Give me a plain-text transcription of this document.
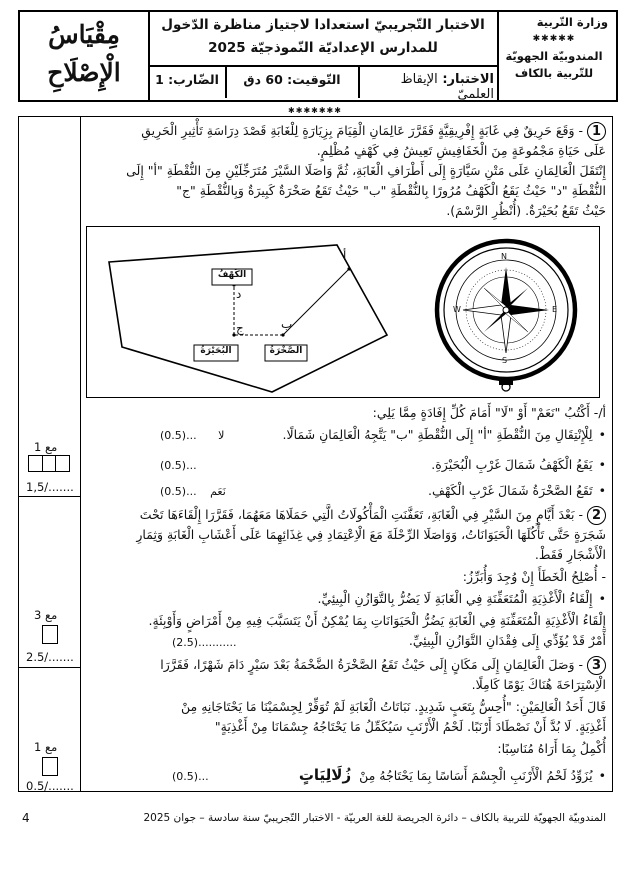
وزارة التّربية
✱✱✱✱✱
المندوبيّة الجهويّة
للتّربية بالكاف
الاختبار التّجريبيّ استعدادا لاجتياز مناظرة الدّخول
للمدارس الإعداديّة النّموذجيّة 2025
مِقْيَاسُ
الْإِصْلَاحِ	الاختبار: الإيقاظ العلميّ
التّوقيت: 60 دق
الضّارب: 1
✱✱✱✱✱✱✱
1- وَقَعَ حَرِيقٌ فِي غَابَةٍ إِفْرِيقِيَّةٍ فَقَرَّرَ عَالِمَانِ الْقِيَامَ بِزِيَارَةٍ لِلْغَابَةِ قَصْدَ دِرَاسَةِ تَأْثِيرِ الْحَرِيقِ
عَلَى حَيَاةِ مَجْمُوعَةٍ مِنَ الْخَفَافِيشِ تَعِيشُ فِي كَهْفٍ مُظْلِمٍ.
إِنْتَقَلَ الْعَالِمَانِ عَلَى مَتْنِ سَيَّارَةٍ إِلَى أَطْرَافِ الْغَابَةِ، ثُمَّ وَاصَلَا السَّيْرَ مُتَرَجِّلَيْنِ مِنَ النُّقْطَةِ "أ" إِلَى
النُّقْطَةِ "د" حَيْثُ يَقَعُ الْكَهْفُ مُرُورًا بِالنُّقْطَةِ "ب" حَيْثُ تَقَعُ صَخْرَةٌ كَبِيرَةٌ وَبِالنُّقْطَةِ "ج"
حَيْثُ تَقَعُ بُحَيْرَةٌ. (أُنْظُرِ الرَّسْمَ).
الكَهْفُ
البُحَيْرَةُ	الصَّخْرَةُ
أ
ب
ج
د
N
E
S
W
أ/- أَكْتُبُ "نَعَمْ" أَوْ "لَا" أَمَامَ كُلِّ إِفَادَةٍ مِمَّا يَلِي:
• لِلْإِنْتِقَالِ مِنَ النُّقْطَةِ "أ" إِلَى النُّقْطَةِ "ب" يَتَّجِهُ الْعَالِمَانِ شَمَالًا.
(0.5)... لا
• يَقَعُ الْكَهْفُ شَمَالَ غَرْبِ الْبُحَيْرَةِ.
(0.5)...
• تَقَعُ الصَّخْرَةُ شَمَالَ غَرْبِ الْكَهْفِ.
(0.5)... نَعَم
2- بَعْدَ أَيَّامٍ مِنَ السَّيْرِ فِي الْغَابَةِ، تَعَفَّنَتِ الْمَأْكُولَاتُ الَّتِي حَمَلَاهَا مَعَهُمَا، فَقَرَّرَا إِلْقَاءَهَا تَحْتَ
شَجَرَةٍ حَتَّى تَأْكُلَهَا الْحَيَوَانَاتُ، وَوَاصَلَا الرِّحْلَةَ مَعَ الْاِعْتِمَادِ فِي غِذَائِهِمَا عَلَى أَعْشَابِ الْغَابَةِ وَثِمَارِ
الْأَشْجَارِ فَقَطْ.
- أُصْلِحُ الْخَطَأَ إِنْ وُجِدَ وَأُبَرِّزُ:
• إِلْقَاءُ الْأَغْذِيَةِ الْمُتَعَفِّنَةِ فِي الْغَابَةِ لَا يَضُرُّ بِالتَّوَازُنِ الْبِيئِيِّ.
إِلْقَاءُ الْأَغْذِيَةِ الْمُتَعَفِّنَةِ فِي الْغَابَةِ يَضُرُّ الْحَيَوَانَاتِ بِمَا يُمْكِنُ أَنْ يَتَسَبَّبَ فِيهِ مِنْ أَمْرَاضٍ وَأَوْبِئَةٍ.
أَمْرٌ قَدْ يُؤَدِّي إِلَى فِقْدَانِ التَّوَازُنِ الْبِيئِيِّ.
(2.5)...........
3- وَصَلَ الْعَالِمَانِ إِلَى مَكَانٍ إِلَى حَيْثُ تَقَعُ الصَّخْرَةُ الضَّخْمَةُ بَعْدَ سَيْرٍ دَامَ شَهْرًا، فَقَرَّرَا
الْاِسْتِرَاحَةَ هُنَاكَ يَوْمًا كَامِلًا.
قَالَ أَحَدُ الْعَالِمَيْنِ: "أُحِسُّ بِتَعَبٍ شَدِيدٍ. نَبَاتَاتُ الْغَابَةِ لَمْ تُوَفِّرْ لِجِسْمَيْنَا مَا يَحْتَاجَانِهِ مِنْ
أَغْذِيَةٍ. لَا بُدَّ أَنْ نَصْطَادَ أَرْنَبًا. لَحْمُ الْأَرْنَبِ سَيُكَمِّلُ مَا يَحْتَاجُهُ جِسْمَانَا مِنْ أَغْذِيَةٍ"
أُكْمِلُ بِمَا أَرَاهُ مُنَاسِبًا:
• يُزَوِّدُ لَحْمُ الْأَرْنَبِ الْجِسْمَ أَسَاسًا بِمَا يَحْتَاجُهُ مِنْ زُلَالِيَاتٍ
(0.5)...
مع 1
1,5/.......
مع 3
2.5/.......
مع 1
0.5/.......
المندوبيّة الجهويّة للتربية بالكاف – دائرة الجريصة للغة العربيّة - الاختبار التّجريبيّ سنة سادسة – جوان 2025
4
